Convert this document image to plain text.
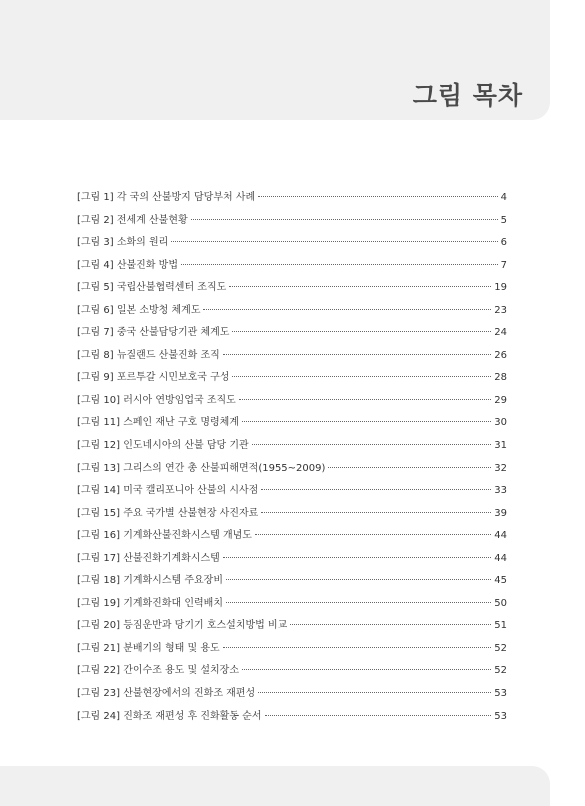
그림 목차
[그림 1] 각 국의 산불방지 담당부처 사례	4
[그림 2] 전세계 산불현황	5
[그림 3] 소화의 원리	6
[그림 4] 산불진화 방법	7
[그림 5] 국립산불협력센터 조직도	19
[그림 6] 일본 소방청 체계도	23
[그림 7] 중국 산불담당기관 체계도	24
[그림 8] 뉴질랜드 산불진화 조직	26
[그림 9] 포르투갈 시민보호국 구성	28
[그림 10] 러시아 연방임업국 조직도	29
[그림 11] 스페인 재난 구호 명령체계	30
[그림 12] 인도네시아의 산불 담당 기관	31
[그림 13] 그리스의 연간 총 산불피해면적(1955~2009)	32
[그림 14] 미국 캘리포니아 산불의 시사점	33
[그림 15] 주요 국가별 산불현장 사진자료	39
[그림 16] 기계화산불진화시스템 개념도	44
[그림 17] 산불진화기계화시스템	44
[그림 18] 기계화시스템 주요장비	45
[그림 19] 기계화진화대 인력배치	50
[그림 20] 등짐운반과 당기기 호스설치방법 비교	51
[그림 21] 분배기의 형태 및 용도	52
[그림 22] 간이수조 용도 및 설치장소	52
[그림 23] 산불현장에서의 진화조 재편성	53
[그림 24] 진화조 재편성 후 진화활동 순서	53
